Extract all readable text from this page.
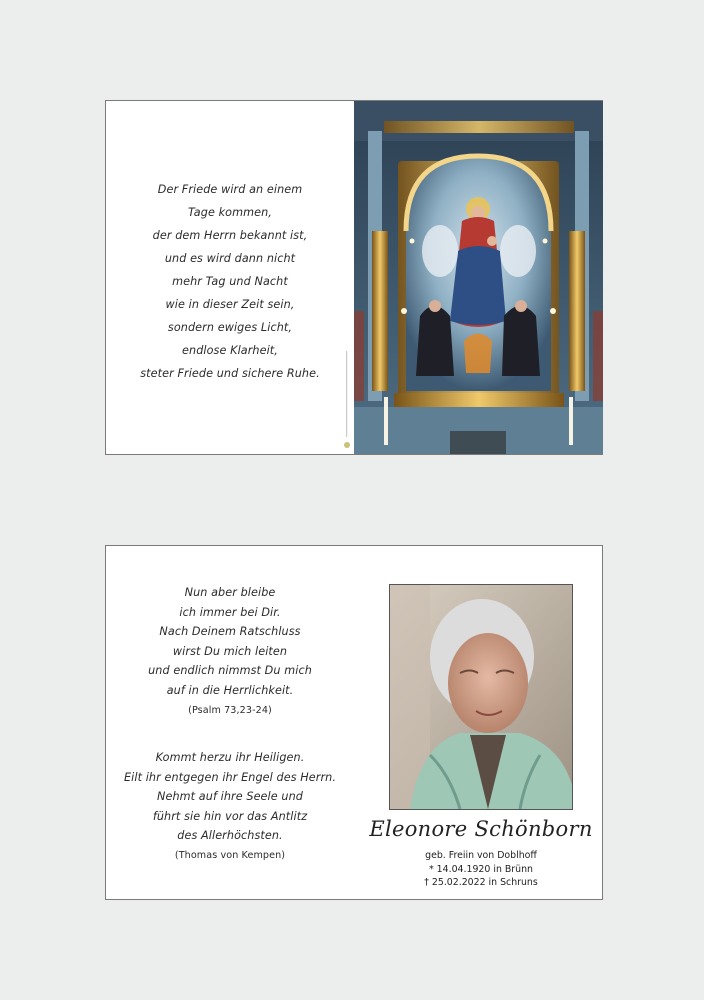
Der Friede wird an einem
Tage kommen,
der dem Herrn bekannt ist,
und es wird dann nicht
mehr Tag und Nacht
wie in dieser Zeit sein,
sondern ewiges Licht,
endlose Klarheit,
steter Friede und sichere Ruhe.
Nun aber bleibe
ich immer bei Dir.
Nach Deinem Ratschluss
wirst Du mich leiten
und endlich nimmst Du mich
auf in die Herrlichkeit.
(Psalm 73,23-24)
Kommt herzu ihr Heiligen.
Eilt ihr entgegen ihr Engel des Herrn.
Nehmt auf ihre Seele und
führt sie hin vor das Antlitz
des Allerhöchsten.
(Thomas von Kempen)
Eleonore Schönborn
geb. Freiin von Doblhoff
* 14.04.1920 in Brünn
† 25.02.2022 in Schruns
